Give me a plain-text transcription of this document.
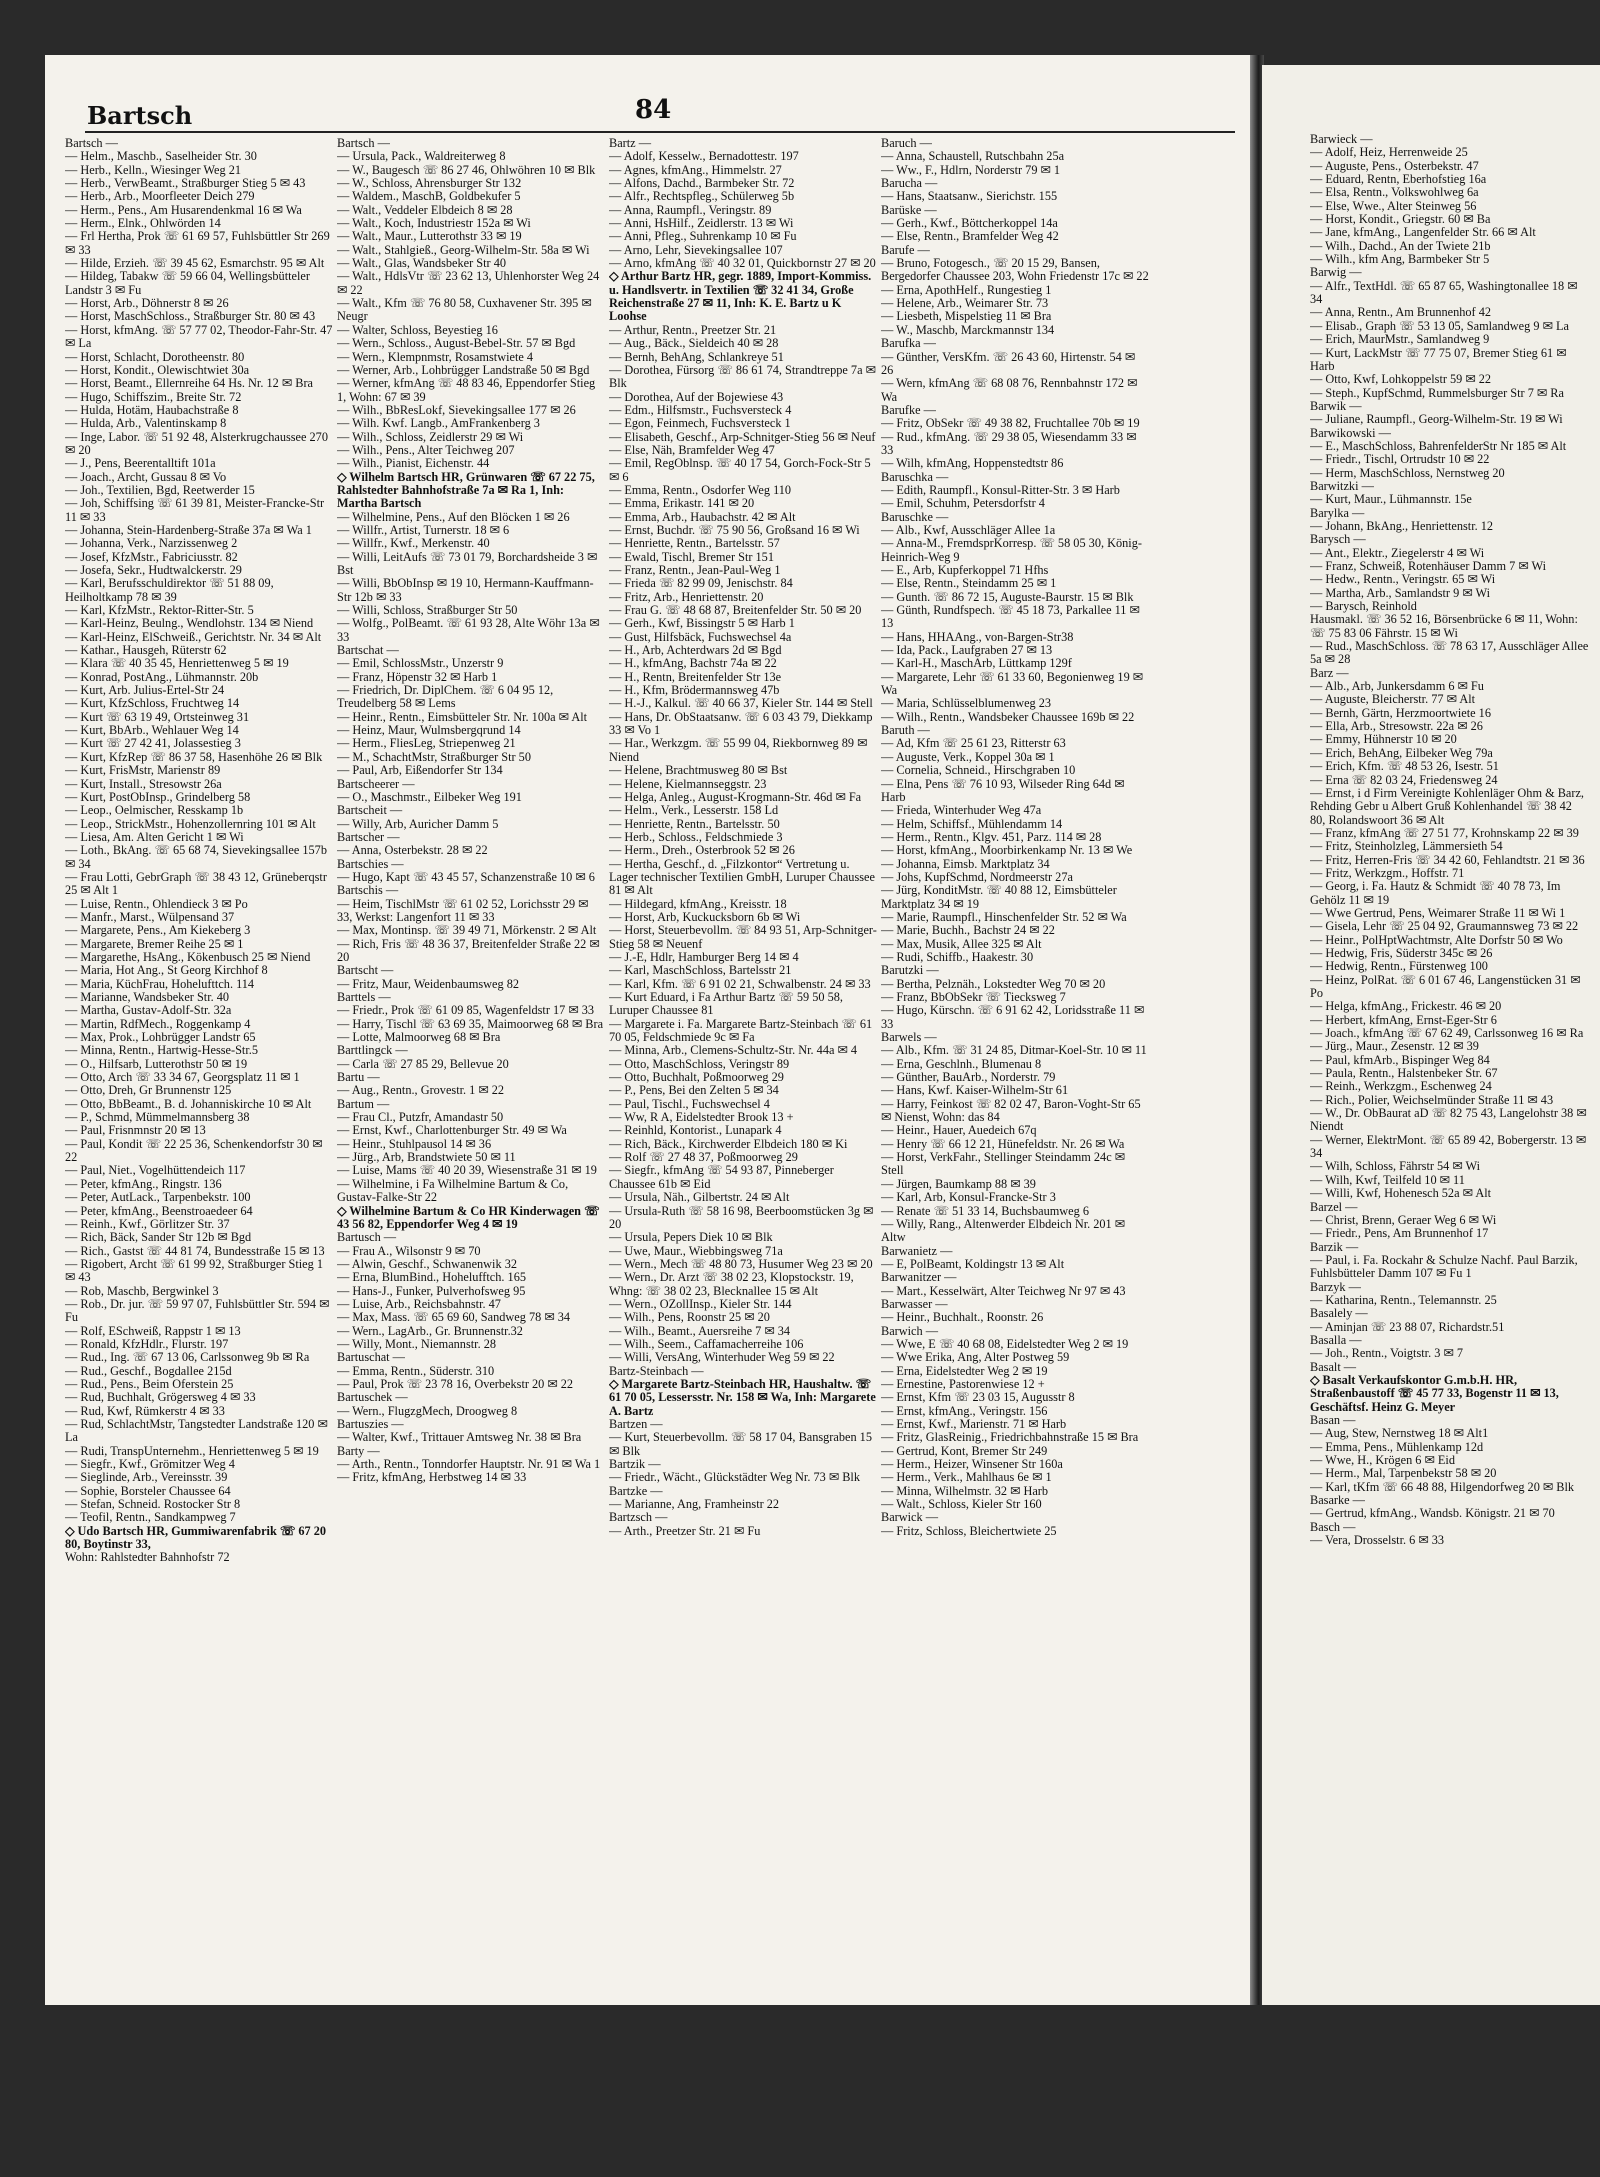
Bartsch	84
Bartsch —
— Helm., Maschb., Saselheider Str. 30
— Herb., Kelln., Wiesinger Weg 21
— Herb., VerwBeamt., Straßburger Stieg 5 ✉ 43
— Herb., Arb., Moorfleeter Deich 279
— Herm., Pens., Am Husarendenkmal 16 ✉ Wa
— Herm., Elnk., Ohlwörden 14
— Frl Hertha, Prok ☏ 61 69 57, Fuhlsbüttler Str 269 ✉ 33
— Hilde, Erzieh. ☏ 39 45 62, Esmarchstr. 95 ✉ Alt
— Hildeg, Tabakw ☏ 59 66 04, Wellingsbütteler Landstr 3 ✉ Fu
— Horst, Arb., Döhnerstr 8 ✉ 26
— Horst, MaschSchloss., Straßburger Str. 80 ✉ 43
— Horst, kfmAng. ☏ 57 77 02, Theodor-Fahr-Str. 47 ✉ La
— Horst, Schlacht, Dorotheenstr. 80
— Horst, Kondit., Olewischtwiet 30a
— Horst, Beamt., Ellernreihe 64 Hs. Nr. 12 ✉ Bra
— Hugo, Schiffszim., Breite Str. 72
— Hulda, Hotäm, Haubachstraße 8
— Hulda, Arb., Valentinskamp 8
— Inge, Labor. ☏ 51 92 48, Alsterkrugchaussee 270 ✉ 20
— J., Pens, Beerentalltift 101a
— Joach., Archt, Gussau 8 ✉ Vo
— Joh., Textilien, Bgd, Reetwerder 15
— Joh, Schiffsing ☏ 61 39 81, Meister-Francke-Str 11 ✉ 33
— Johanna, Stein-Hardenberg-Straße 37a ✉ Wa 1
— Johanna, Verk., Narzissenweg 2
— Josef, KfzMstr., Fabriciusstr. 82
— Josefa, Sekr., Hudtwalckerstr. 29
— Karl, Berufsschuldirektor ☏ 51 88 09, Heilholtkamp 78 ✉ 39
— Karl, KfzMstr., Rektor-Ritter-Str. 5
— Karl-Heinz, Beulng., Wendlohstr. 134 ✉ Niend
— Karl-Heinz, ElSchweiß., Gerichtstr. Nr. 34 ✉ Alt
— Kathar., Hausgeh, Rüterstr 62
— Klara ☏ 40 35 45, Henriettenweg 5 ✉ 19
— Konrad, PostAng., Lühmannstr. 20b
— Kurt, Arb. Julius-Ertel-Str 24
— Kurt, KfzSchloss, Fruchtweg 14
— Kurt ☏ 63 19 49, Ortsteinweg 31
— Kurt, BbArb., Wehlauer Weg 14
— Kurt ☏ 27 42 41, Jolassestieg 3
— Kurt, KfzRep ☏ 86 37 58, Hasenhöhe 26 ✉ Blk
— Kurt, FrisMstr, Marienstr 89
— Kurt, Install., Stresowstr 26a
— Kurt, PostObInsp., Grindelberg 58
— Leop., Oelmischer, Resskamp 1b
— Leop., StrickMstr., Hohenzollernring 101 ✉ Alt
— Liesa, Am. Alten Gericht 1 ✉ Wi
— Loth., BkAng. ☏ 65 68 74, Sievekingsallee 157b ✉ 34
— Frau Lotti, GebrGraph ☏ 38 43 12, Grüneberqstr 25 ✉ Alt 1
— Luise, Rentn., Ohlendieck 3 ✉ Po
— Manfr., Marst., Wülpensand 37
— Margarete, Pens., Am Kiekeberg 3
— Margarete, Bremer Reihe 25 ✉ 1
— Margarethe, HsAng., Kökenbusch 25 ✉ Niend
— Maria, Hot Ang., St Georg Kirchhof 8
— Maria, KüchFrau, Hohelufttch. 114
— Marianne, Wandsbeker Str. 40
— Martha, Gustav-Adolf-Str. 32a
— Martin, RdfMech., Roggenkamp 4
— Max, Prok., Lohbrügger Landstr 65
— Minna, Rentn., Hartwig-Hesse-Str.5
— O., Hilfsarb, Lutterothstr 50 ✉ 19
— Otto, Arch ☏ 33 34 67, Georgsplatz 11 ✉ 1
— Otto, Dreh, Gr Brunnenstr 125
— Otto, BbBeamt., B. d. Johanniskirche 10 ✉ Alt
— P., Schmd, Mümmelmannsberg 38
— Paul, Frisnmnstr 20 ✉ 13
— Paul, Kondit ☏ 22 25 36, Schenkendorfstr 30 ✉ 22
— Paul, Niet., Vogelhüttendeich 117
— Peter, kfmAng., Ringstr. 136
— Peter, AutLack., Tarpenbekstr. 100
— Peter, kfmAng., Beenstroaedeer 64
— Reinh., Kwf., Görlitzer Str. 37
— Rich, Bäck, Sander Str 12b ✉ Bgd
— Rich., Gastst ☏ 44 81 74, Bundesstraße 15 ✉ 13
— Rigobert, Archt ☏ 61 99 92, Straßburger Stieg 1 ✉ 43
— Rob, Maschb, Bergwinkel 3
— Rob., Dr. jur. ☏ 59 97 07, Fuhlsbüttler Str. 594 ✉ Fu
— Rolf, ESchweiß, Rappstr 1 ✉ 13
— Ronald, KfzHdlr., Flurstr. 197
— Rud., Ing. ☏ 67 13 06, Carlssonweg 9b ✉ Ra
— Rud., Geschf., Bogdallee 215d
— Rud., Pens., Beim Oferstein 25
— Rud, Buchhalt, Grögersweg 4 ✉ 33
— Rud, Kwf, Rümkerstr 4 ✉ 33
— Rud, SchlachtMstr, Tangstedter Landstraße 120 ✉ La
— Rudi, TranspUnternehm., Henriettenweg 5 ✉ 19
— Siegfr., Kwf., Grömitzer Weg 4
— Sieglinde, Arb., Vereinsstr. 39
— Sophie, Borsteler Chaussee 64
— Stefan, Schneid. Rostocker Str 8
— Teofil, Rentn., Sandkampweg 7
◇ Udo Bartsch HR, Gummiwarenfabrik ☏ 67 20 80, Boytinstr 33,
Wohn: Rahlstedter Bahnhofstr 72
Bartsch —
— Ursula, Pack., Waldreiterweg 8
— W., Baugesch ☏ 86 27 46, Ohlwöhren 10 ✉ Blk
— W., Schloss, Ahrensburger Str 132
— Waldem., MaschB, Goldbekufer 5
— Walt., Veddeler Elbdeich 8 ✉ 28
— Walt., Koch, Industriestr 152a ✉ Wi
— Walt., Maur., Lutterothstr 33 ✉ 19
— Walt., Stahlgieß., Georg-Wilhelm-Str. 58a ✉ Wi
— Walt., Glas, Wandsbeker Str 40
— Walt., HdlsVtr ☏ 23 62 13, Uhlenhorster Weg 24 ✉ 22
— Walt., Kfm ☏ 76 80 58, Cuxhavener Str. 395 ✉ Neugr
— Walter, Schloss, Beyestieg 16
— Wern., Schloss., August-Bebel-Str. 57 ✉ Bgd
— Wern., Klempnmstr, Rosamstwiete 4
— Werner, Arb., Lohbrügger Landstraße 50 ✉ Bgd
— Werner, kfmAng ☏ 48 83 46, Eppendorfer Stieg 1, Wohn: 67 ✉ 39
— Wilh., BbResLokf, Sievekingsallee 177 ✉ 26
— Wilh. Kwf. Langb., AmFrankenberg 3
— Wilh., Schloss, Zeidlerstr 29 ✉ Wi
— Wilh., Pens., Alter Teichweg 207
— Wilh., Pianist, Eichenstr. 44
◇ Wilhelm Bartsch HR, Grünwaren ☏ 67 22 75, Rahlstedter Bahnhofstraße 7a ✉ Ra 1, Inh: Martha Bartsch
— Wilhelmine, Pens., Auf den Blöcken 1 ✉ 26
— Willfr., Artist, Turnerstr. 18 ✉ 6
— Willfr., Kwf., Merkenstr. 40
— Willi, LeitAufs ☏ 73 01 79, Borchardsheide 3 ✉ Bst
— Willi, BbObInsp ✉ 19 10, Hermann-Kauffmann-Str 12b ✉ 33
— Willi, Schloss, Straßburger Str 50
— Wolfg., PolBeamt. ☏ 61 93 28, Alte Wöhr 13a ✉ 33
Bartschat —
— Emil, SchlossMstr., Unzerstr 9
— Franz, Höpenstr 32 ✉ Harb 1
— Friedrich, Dr. DiplChem. ☏ 6 04 95 12, Treudelberg 58 ✉ Lems
— Heinr., Rentn., Eimsbütteler Str. Nr. 100a ✉ Alt
— Heinz, Maur, Wulmsbergqrund 14
— Herm., FliesLeg, Striepenweg 21
— M., SchachtMstr, Straßburger Str 50
— Paul, Arb, Eißendorfer Str 134
Bartscheerer —
— O., Maschmstr., Eilbeker Weg 191
Bartscheit —
— Willy, Arb, Auricher Damm 5
Bartscher —
— Anna, Osterbekstr. 28 ✉ 22
Bartschies —
— Hugo, Kapt ☏ 43 45 57, Schanzenstraße 10 ✉ 6
Bartschis —
— Heim, TischlMstr ☏ 61 02 52, Lorichsstr 29 ✉ 33, Werkst: Langenfort 11 ✉ 33
— Max, Montinsp. ☏ 39 49 71, Mörkenstr. 2 ✉ Alt
— Rich, Fris ☏ 48 36 37, Breitenfelder Straße 22 ✉ 20
Bartscht —
— Fritz, Maur, Weidenbaumsweg 82
Barttels —
— Friedr., Prok ☏ 61 09 85, Wagenfeldstr 17 ✉ 33
— Harry, Tischl ☏ 63 69 35, Maimoorweg 68 ✉ Bra
— Lotte, Malmoorweg 68 ✉ Bra
Barttlingck —
— Carla ☏ 27 85 29, Bellevue 20
Bartu —
— Aug., Rentn., Grovestr. 1 ✉ 22
Bartum —
— Frau Cl., Putzfr, Amandastr 50
— Ernst, Kwf., Charlottenburger Str. 49 ✉ Wa
— Heinr., Stuhlpausol 14 ✉ 36
— Jürg., Arb, Brandstwiete 50 ✉ 11
— Luise, Mams ☏ 40 20 39, Wiesenstraße 31 ✉ 19
— Wilhelmine, i Fa Wilhelmine Bartum & Co, Gustav-Falke-Str 22
◇ Wilhelmine Bartum & Co HR Kinderwagen ☏ 43 56 82, Eppendorfer Weg 4 ✉ 19
Bartusch —
— Frau A., Wilsonstr 9 ✉ 70
— Alwin, Geschf., Schwanenwik 32
— Erna, BlumBind., Hohelufftch. 165
— Hans-J., Funker, Pulverhofsweg 95
— Luise, Arb., Reichsbahnstr. 47
— Max, Mass. ☏ 65 69 60, Sandweg 78 ✉ 34
— Wern., LagArb., Gr. Brunnenstr.32
— Willy, Mont., Niemannstr. 28
Bartuschat —
— Emma, Rentn., Süderstr. 310
— Paul, Prok ☏ 23 78 16, Overbekstr 20 ✉ 22
Bartuschek —
— Wern., FlugzgMech, Droogweg 8
Bartuszies —
— Walter, Kwf., Trittauer Amtsweg Nr. 38 ✉ Bra
Barty —
— Arth., Rentn., Tonndorfer Hauptstr. Nr. 91 ✉ Wa 1
— Fritz, kfmAng, Herbstweg 14 ✉ 33
Bartz —
— Adolf, Kesselw., Bernadottestr. 197
— Agnes, kfmAng., Himmelstr. 27
— Alfons, Dachd., Barmbeker Str. 72
— Alfr., Rechtspfleg., Schülerweg 5b
— Anna, Raumpfl., Veringstr. 89
— Anni, HsHilf., Zeidlerstr. 13 ✉ Wi
— Anni, Pfleg., Suhrenkamp 10 ✉ Fu
— Arno, Lehr, Sievekingsallee 107
— Arno, kfmAng ☏ 40 32 01, Quickbornstr 27 ✉ 20
◇ Arthur Bartz HR, gegr. 1889, Import-Kommiss. u. Handlsvertr. in Textilien ☏ 32 41 34, Große Reichenstraße 27 ✉ 11, Inh: K. E. Bartz u K Loohse
— Arthur, Rentn., Preetzer Str. 21
— Aug., Bäck., Sieldeich 40 ✉ 28
— Bernh, BehAng, Schlankreye 51
— Dorothea, Fürsorg ☏ 86 61 74, Strandtreppe 7a ✉ Blk
— Dorothea, Auf der Bojewiese 43
— Edm., Hilfsmstr., Fuchsversteck 4
— Egon, Feinmech, Fuchsversteck 1
— Elisabeth, Geschf., Arp-Schnitger-Stieg 56 ✉ Neuf
— Else, Näh, Bramfelder Weg 47
— Emil, RegOblnsp. ☏ 40 17 54, Gorch-Fock-Str 5 ✉ 6
— Emma, Rentn., Osdorfer Weg 110
— Emma, Erikastr. 141 ✉ 20
— Emma, Arb., Haubachstr. 42 ✉ Alt
— Ernst, Buchdr. ☏ 75 90 56, Großsand 16 ✉ Wi
— Henriette, Rentn., Bartelsstr. 57
— Ewald, Tischl, Bremer Str 151
— Franz, Rentn., Jean-Paul-Weg 1
— Frieda ☏ 82 99 09, Jenischstr. 84
— Fritz, Arb., Henriettenstr. 20
— Frau G. ☏ 48 68 87, Breitenfelder Str. 50 ✉ 20
— Gerh., Kwf, Bissingstr 5 ✉ Harb 1
— Gust, Hilfsbäck, Fuchswechsel 4a
— H., Arb, Achterdwars 2d ✉ Bgd
— H., kfmAng, Bachstr 74a ✉ 22
— H., Rentn, Breitenfelder Str 13e
— H., Kfm, Brödermannsweg 47b
— H.-J., Kalkul. ☏ 40 66 37, Kieler Str. 144 ✉ Stell
— Hans, Dr. ObStaatsanw. ☏ 6 03 43 79, Diekkamp 33 ✉ Vo 1
— Har., Werkzgm. ☏ 55 99 04, Riekbornweg 89 ✉ Niend
— Helene, Brachtmusweg 80 ✉ Bst
— Helene, Kielmannseggstr. 23
— Helga, Anleg., August-Krogmann-Str. 46d ✉ Fa
— Helm., Verk., Lesserstr. 158 Ld
— Henriette, Rentn., Bartelsstr. 50
— Herb., Schloss., Feldschmiede 3
— Herm., Dreh., Osterbrook 52 ✉ 26
— Hertha, Geschf., d. „Filzkontor“ Vertretung u. Lager technischer Textilien GmbH, Luruper Chaussee 81 ✉ Alt
— Hildegard, kfmAng., Kreisstr. 18
— Horst, Arb, Kuckucksborn 6b ✉ Wi
— Horst, Steuerbevollm. ☏ 84 93 51, Arp-Schnitger-Stieg 58 ✉ Neuenf
— J.-E, Hdlr, Hamburger Berg 14 ✉ 4
— Karl, MaschSchloss, Bartelsstr 21
— Karl, Kfm. ☏ 6 91 02 21, Schwalbenstr. 24 ✉ 33
— Kurt Eduard, i Fa Arthur Bartz ☏ 59 50 58, Luruper Chaussee 81
— Margarete i. Fa. Margarete Bartz-Steinbach ☏ 61 70 05, Feldschmiede 9c ✉ Fa
— Minna, Arb., Clemens-Schultz-Str. Nr. 44a ✉ 4
— Otto, MaschSchloss, Veringstr 89
— Otto, Buchhalt, Poßmoorweg 29
— P., Pens, Bei den Zelten 5 ✉ 34
— Paul, Tischl., Fuchswechsel 4
— Ww, R A, Eidelstedter Brook 13 +
— Reinhld, Kontorist., Lunapark 4
— Rich, Bäck., Kirchwerder Elbdeich 180 ✉ Ki
— Rolf ☏ 27 48 37, Poßmoorweg 29
— Siegfr., kfmAng ☏ 54 93 87, Pinneberger Chaussee 61b ✉ Eid
— Ursula, Näh., Gilbertstr. 24 ✉ Alt
— Ursula-Ruth ☏ 58 16 98, Beerboomstücken 3g ✉ 20
— Ursula, Pepers Diek 10 ✉ Blk
— Uwe, Maur., Wiebbingsweg 71a
— Wern., Mech ☏ 48 80 73, Husumer Weg 23 ✉ 20
— Wern., Dr. Arzt ☏ 38 02 23, Klopstockstr. 19, Whng: ☏ 38 02 23, Blecknallee 15 ✉ Alt
— Wern., OZollInsp., Kieler Str. 144
— Wilh., Pens, Roonstr 25 ✉ 20
— Wilh., Beamt., Auersreihe 7 ✉ 34
— Wilh., Seem., Caffamacherreihe 106
— Willi, VersAng, Winterhuder Weg 59 ✉ 22
Bartz-Steinbach —
◇ Margarete Bartz-Steinbach HR, Haushaltw. ☏ 61 70 05, Lessersstr. Nr. 158 ✉ Wa, Inh: Margarete A. Bartz
Bartzen —
— Kurt, Steuerbevollm. ☏ 58 17 04, Bansgraben 15 ✉ Blk
Bartzik —
— Friedr., Wächt., Glückstädter Weg Nr. 73 ✉ Blk
Bartzke —
— Marianne, Ang, Framheinstr 22
Bartzsch —
— Arth., Preetzer Str. 21 ✉ Fu
Baruch —
— Anna, Schaustell, Rutschbahn 25a
— Ww., F., Hdlrn, Norderstr 79 ✉ 1
Barucha —
— Hans, Staatsanw., Sierichstr. 155
Barüske —
— Gerh., Kwf., Böttcherkoppel 14a
— Else, Rentn., Bramfelder Weg 42
Barufe —
— Bruno, Fotogesch., ☏ 20 15 29, Bansen, Bergedorfer Chaussee 203, Wohn Friedenstr 17c ✉ 22
— Erna, ApothHelf., Rungestieg 1
— Helene, Arb., Weimarer Str. 73
— Liesbeth, Mispelstieg 11 ✉ Bra
— W., Maschb, Marckmannstr 134
Barufka —
— Günther, VersKfm. ☏ 26 43 60, Hirtenstr. 54 ✉ 26
— Wern, kfmAng ☏ 68 08 76, Rennbahnstr 172 ✉ Wa
Barufke —
— Fritz, ObSekr ☏ 49 38 82, Fruchtallee 70b ✉ 19
— Rud., kfmAng. ☏ 29 38 05, Wiesendamm 33 ✉ 33
— Wilh, kfmAng, Hoppenstedtstr 86
Baruschka —
— Edith, Raumpfl., Konsul-Ritter-Str. 3 ✉ Harb
— Emil, Schuhm, Petersdorfstr 4
Baruschke —
— Alb., Kwf, Ausschläger Allee 1a
— Anna-M., FremdsprKorresp. ☏ 58 05 30, König-Heinrich-Weg 9
— E., Arb, Kupferkoppel 71 Hfhs
— Else, Rentn., Steindamm 25 ✉ 1
— Gunth. ☏ 86 72 15, Auguste-Baurstr. 15 ✉ Blk
— Günth, Rundfspech. ☏ 45 18 73, Parkallee 11 ✉ 13
— Hans, HHAAng., von-Bargen-Str38
— Ida, Pack., Laufgraben 27 ✉ 13
— Karl-H., MaschArb, Lüttkamp 129f
— Margarete, Lehr ☏ 61 33 60, Begonienweg 19 ✉ Wa
— Maria, Schlüsselblumenweg 23
— Wilh., Rentn., Wandsbeker Chaussee 169b ✉ 22
Baruth —
— Ad, Kfm ☏ 25 61 23, Ritterstr 63
— Auguste, Verk., Koppel 30a ✉ 1
— Cornelia, Schneid., Hirschgraben 10
— Elna, Pens ☏ 76 10 93, Wilseder Ring 64d ✉ Harb
— Frieda, Winterhuder Weg 47a
— Helm, Schiffsf., Mühlendamm 14
— Herm., Rentn., Klgv. 451, Parz. 114 ✉ 28
— Horst, kfmAng., Moorbirkenkamp Nr. 13 ✉ We
— Johanna, Eimsb. Marktplatz 34
— Johs, KupfSchmd, Nordmeerstr 27a
— Jürg, KonditMstr. ☏ 40 88 12, Eimsbütteler Marktplatz 34 ✉ 19
— Marie, Raumpfl., Hinschenfelder Str. 52 ✉ Wa
— Marie, Buchh., Bachstr 24 ✉ 22
— Max, Musik, Allee 325 ✉ Alt
— Rudi, Schiffb., Haakestr. 30
Barutzki —
— Bertha, Pelznäh., Lokstedter Weg 70 ✉ 20
— Franz, BbObSekr ☏ Tiecksweg 7
— Hugo, Kürschn. ☏ 6 91 62 42, Loridsstraße 11 ✉ 33
Barwels —
— Alb., Kfm. ☏ 31 24 85, Ditmar-Koel-Str. 10 ✉ 11
— Erna, Geschlnh., Blumenau 8
— Günther, BauArb., Norderstr. 79
— Hans, Kwf. Kaiser-Wilhelm-Str 61
— Harry, Feinkost ☏ 82 02 47, Baron-Voght-Str 65 ✉ Nienst, Wohn: das 84
— Heinr., Hauer, Auedeich 67q
— Henry ☏ 66 12 21, Hünefeldstr. Nr. 26 ✉ Wa
— Horst, VerkFahr., Stellinger Steindamm 24c ✉ Stell
— Jürgen, Baumkamp 88 ✉ 39
— Karl, Arb, Konsul-Francke-Str 3
— Renate ☏ 51 33 14, Buchsbaumweg 6
— Willy, Rang., Altenwerder Elbdeich Nr. 201 ✉ Altw
Barwanietz —
— E, PolBeamt, Koldingstr 13 ✉ Alt
Barwanitzer —
— Mart., Kesselwärt, Alter Teichweg Nr 97 ✉ 43
Barwasser —
— Heinr., Buchhalt., Roonstr. 26
Barwich —
— Wwe, E ☏ 40 68 08, Eidelstedter Weg 2 ✉ 19
— Wwe Erika, Ang, Alter Postweg 59
— Erna, Eidelstedter Weg 2 ✉ 19
— Ernestine, Pastorenwiese 12 +
— Ernst, Kfm ☏ 23 03 15, Augusstr 8
— Ernst, kfmAng., Veringstr. 156
— Ernst, Kwf., Marienstr. 71 ✉ Harb
— Fritz, GlasReinig., Friedrichbahnstraße 15 ✉ Bra
— Gertrud, Kont, Bremer Str 249
— Herm., Heizer, Winsener Str 160a
— Herm., Verk., Mahlhaus 6e ✉ 1
— Minna, Wilhelmstr. 32 ✉ Harb
— Walt., Schloss, Kieler Str 160
Barwick —
— Fritz, Schloss, Bleichertwiete 25
Barwieck —
— Adolf, Heiz, Herrenweide 25
— Auguste, Pens., Osterbekstr. 47
— Eduard, Rentn, Eberhofstieg 16a
— Elsa, Rentn., Volkswohlweg 6a
— Else, Wwe., Alter Steinweg 56
— Horst, Kondit., Griegstr. 60 ✉ Ba
— Jane, kfmAng., Langenfelder Str. 66 ✉ Alt
— Wilh., Dachd., An der Twiete 21b
— Wilh., kfm Ang, Barmbeker Str 5
Barwig —
— Alfr., TextHdl. ☏ 65 87 65, Washingtonallee 18 ✉ 34
— Anna, Rentn., Am Brunnenhof 42
— Elisab., Graph ☏ 53 13 05, Samlandweg 9 ✉ La
— Erich, MaurMstr., Samlandweg 9
— Kurt, LackMstr ☏ 77 75 07, Bremer Stieg 61 ✉ Harb
— Otto, Kwf, Lohkoppelstr 59 ✉ 22
— Steph., KupfSchmd, Rummelsburger Str 7 ✉ Ra
Barwik —
— Juliane, Raumpfl., Georg-Wilhelm-Str. 19 ✉ Wi
Barwikowski —
— E., MaschSchloss, BahrenfelderStr Nr 185 ✉ Alt
— Friedr., Tischl, Ortrudstr 10 ✉ 22
— Herm, MaschSchloss, Nernstweg 20
Barwitzki —
— Kurt, Maur., Lühmannstr. 15e
Barylka —
— Johann, BkAng., Henriettenstr. 12
Barysch —
— Ant., Elektr., Ziegelerstr 4 ✉ Wi
— Franz, Schweiß, Rotenhäuser Damm 7 ✉ Wi
— Hedw., Rentn., Veringstr. 65 ✉ Wi
— Martha, Arb., Samlandstr 9 ✉ Wi
— Barysch, Reinhold
Hausmakl. ☏ 36 52 16, Börsenbrücke 6 ✉ 11, Wohn: ☏ 75 83 06 Fährstr. 15 ✉ Wi
— Rud., MaschSchloss. ☏ 78 63 17, Ausschläger Allee 5a ✉ 28
Barz —
— Alb., Arb, Junkersdamm 6 ✉ Fu
— Auguste, Bleicherstr. 77 ✉ Alt
— Bernh, Gärtn, Herzmoortwiete 16
— Ella, Arb., Stresowstr. 22a ✉ 26
— Emmy, Hühnerstr 10 ✉ 20
— Erich, BehAng, Eilbeker Weg 79a
— Erich, Kfm. ☏ 48 53 26, Isestr. 51
— Erna ☏ 82 03 24, Friedensweg 24
— Ernst, i d Firm Vereinigte Kohlenläger Ohm & Barz, Rehding Gebr u Albert Gruß Kohlenhandel ☏ 38 42 80, Rolandswoort 36 ✉ Alt
— Franz, kfmAng ☏ 27 51 77, Krohnskamp 22 ✉ 39
— Fritz, Steinholzleg, Lämmersieth 54
— Fritz, Herren-Fris ☏ 34 42 60, Fehlandtstr. 21 ✉ 36
— Fritz, Werkzgm., Hoffstr. 71
— Georg, i. Fa. Hautz & Schmidt ☏ 40 78 73, Im Gehölz 11 ✉ 19
— Wwe Gertrud, Pens, Weimarer Straße 11 ✉ Wi 1
— Gisela, Lehr ☏ 25 04 92, Graumannsweg 73 ✉ 22
— Heinr., PolHptWachtmstr, Alte Dorfstr 50 ✉ Wo
— Hedwig, Fris, Süderstr 345c ✉ 26
— Hedwig, Rentn., Fürstenweg 100
— Heinz, PolRat. ☏ 6 01 67 46, Langenstücken 31 ✉ Po
— Helga, kfmAng., Frickestr. 46 ✉ 20
— Herbert, kfmAng, Ernst-Eger-Str 6
— Joach., kfmAng ☏ 67 62 49, Carlssonweg 16 ✉ Ra
— Jürg., Maur., Zesenstr. 12 ✉ 39
— Paul, kfmArb., Bispinger Weg 84
— Paula, Rentn., Halstenbeker Str. 67
— Reinh., Werkzgm., Eschenweg 24
— Rich., Polier, Weichselmünder Straße 11 ✉ 43
— W., Dr. ObBaurat aD ☏ 82 75 43, Langelohstr 38 ✉ Niendt
— Werner, ElektrMont. ☏ 65 89 42, Bobergerstr. 13 ✉ 34
— Wilh, Schloss, Fährstr 54 ✉ Wi
— Wilh, Kwf, Teilfeld 10 ✉ 11
— Willi, Kwf, Hohenesch 52a ✉ Alt
Barzel —
— Christ, Brenn, Geraer Weg 6 ✉ Wi
— Friedr., Pens, Am Brunnenhof 17
Barzik —
— Paul, i. Fa. Rockahr & Schulze Nachf. Paul Barzik, Fuhlsbütteler Damm 107 ✉ Fu 1
Barzyk —
— Katharina, Rentn., Telemannstr. 25
Basalely —
— Aminjan ☏ 23 88 07, Richardstr.51
Basalla —
— Joh., Rentn., Voigtstr. 3 ✉ 7
Basalt —
◇ Basalt Verkaufskontor G.m.b.H. HR, Straßenbaustoff ☏ 45 77 33, Bogenstr 11 ✉ 13, Geschäftsf. Heinz G. Meyer
Basan —
— Aug, Stew, Nernstweg 18 ✉ Alt1
— Emma, Pens., Mühlenkamp 12d
— Wwe, H., Krögen 6 ✉ Eid
— Herm., Mal, Tarpenbekstr 58 ✉ 20
— Karl, tKfm ☏ 66 48 88, Hilgendorfweg 20 ✉ Blk
Basarke —
— Gertrud, kfmAng., Wandsb. Königstr. 21 ✉ 70
Basch —
— Vera, Drosselstr. 6 ✉ 33
